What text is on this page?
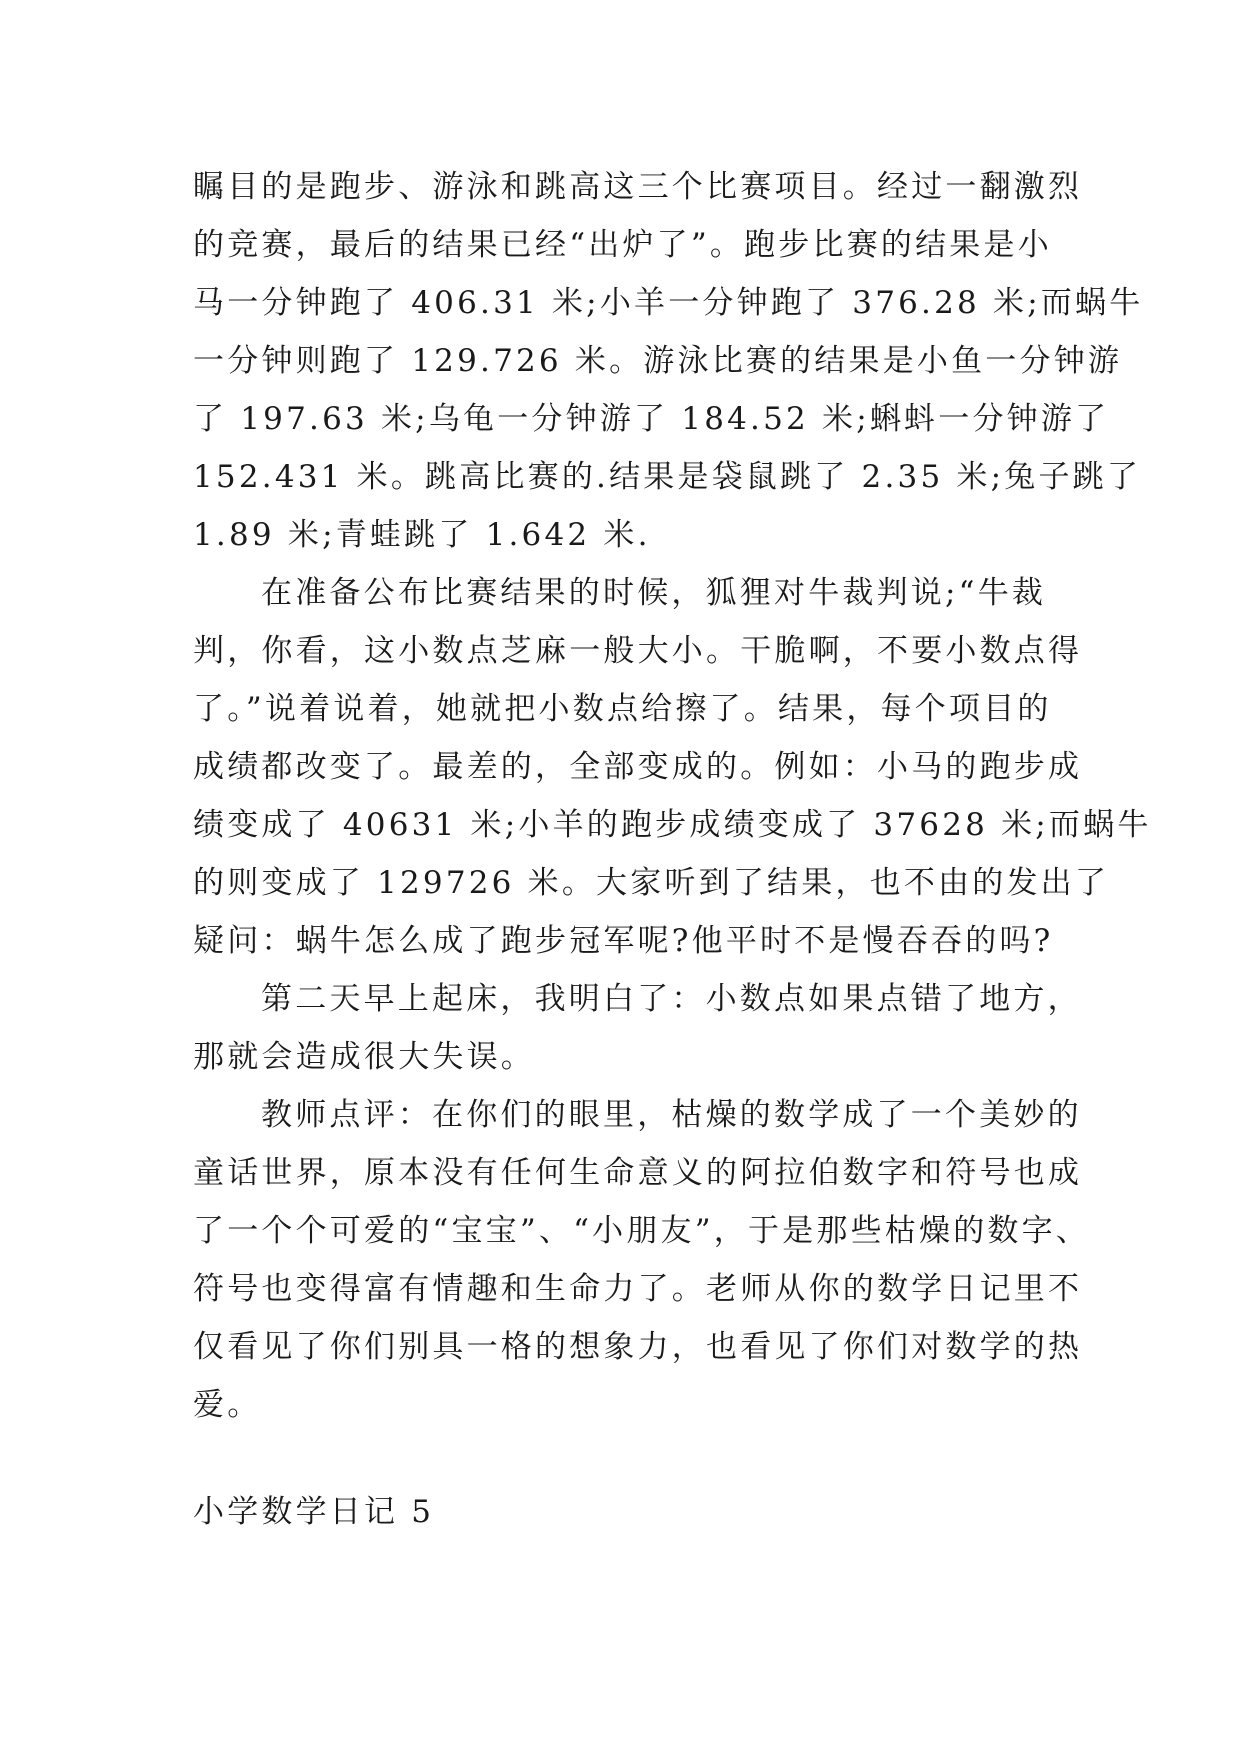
瞩目的是跑步、游泳和跳高这三个比赛项目。经过一翻激烈

的竞赛，最后的结果已经“出炉了”。跑步比赛的结果是小

马一分钟跑了 406.31 米;小羊一分钟跑了 376.28 米;而蜗牛

一分钟则跑了 129.726 米。游泳比赛的结果是小鱼一分钟游

了 197.63 米;乌龟一分钟游了 184.52 米;蝌蚪一分钟游了

152.431 米。跳高比赛的.结果是袋鼠跳了 2.35 米;兔子跳了

1.89 米;青蛙跳了 1.642 米.

在准备公布比赛结果的时候，狐狸对牛裁判说;“牛裁

判，你看，这小数点芝麻一般大小。干脆啊，不要小数点得

了。”说着说着，她就把小数点给擦了。结果，每个项目的

成绩都改变了。最差的，全部变成的。例如：小马的跑步成

绩变成了 40631 米;小羊的跑步成绩变成了 37628 米;而蜗牛

的则变成了 129726 米。大家听到了结果，也不由的发出了

疑问：蜗牛怎么成了跑步冠军呢?他平时不是慢吞吞的吗?

第二天早上起床，我明白了：小数点如果点错了地方，

那就会造成很大失误。

教师点评：在你们的眼里，枯燥的数学成了一个美妙的

童话世界，原本没有任何生命意义的阿拉伯数字和符号也成

了一个个可爱的“宝宝”、“小朋友”，于是那些枯燥的数字、

符号也变得富有情趣和生命力了。老师从你的数学日记里不

仅看见了你们别具一格的想象力，也看见了你们对数学的热

爱。

小学数学日记 5
